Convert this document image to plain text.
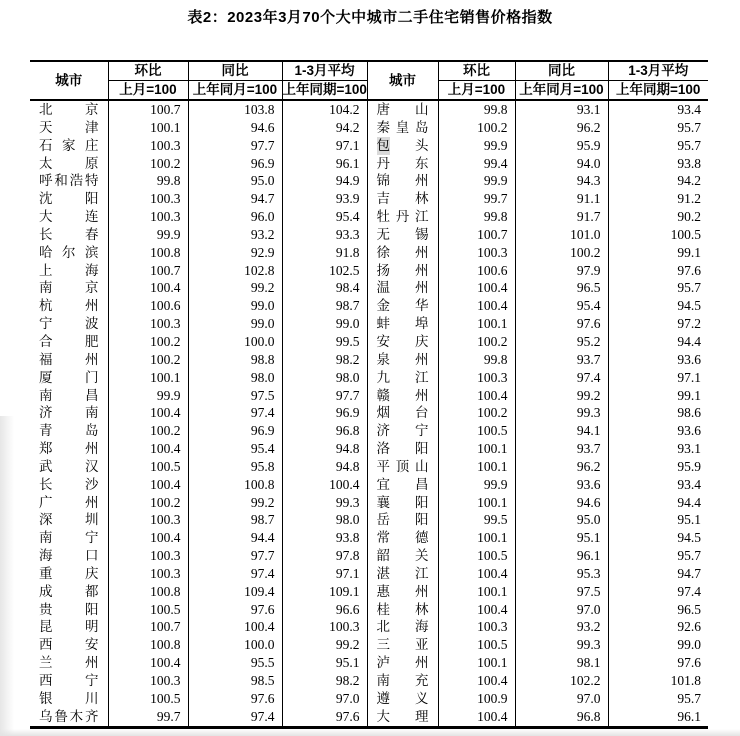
表2：2023年3月70个大中城市二手住宅销售价格指数
城市	环比	同比	1-3月平均	城市	环比	同比	1-3月平均
	上月=100	上年同月=100	上年同期=100		上月=100	上年同月=100	上年同期=100

北 京	100.7	103.8	104.2	唐 山	99.8	93.1	93.4

天 津	100.1	94.6	94.2	秦 皇 岛	100.2	96.2	95.7

石 家 庄	100.3	97.7	97.1	包 头	99.9	95.9	95.7

太 原	100.2	96.9	96.1	丹 东	99.4	94.0	93.8

呼 和 浩 特	99.8	95.0	94.9	锦 州	99.9	94.3	94.2

沈 阳	100.3	94.7	93.9	吉 林	99.7	91.1	91.2

大 连	100.3	96.0	95.4	牡 丹 江	99.8	91.7	90.2

长 春	99.9	93.2	93.3	无 锡	100.7	101.0	100.5

哈 尔 滨	100.8	92.9	91.8	徐 州	100.3	100.2	99.1

上 海	100.7	102.8	102.5	扬 州	100.6	97.9	97.6

南 京	100.4	99.2	98.4	温 州	100.4	96.5	95.7

杭 州	100.6	99.0	98.7	金 华	100.4	95.4	94.5

宁 波	100.3	99.0	99.0	蚌 埠	100.1	97.6	97.2

合 肥	100.2	100.0	99.5	安 庆	100.2	95.2	94.4

福 州	100.2	98.8	98.2	泉 州	99.8	93.7	93.6

厦 门	100.1	98.0	98.0	九 江	100.3	97.4	97.1

南 昌	99.9	97.5	97.7	赣 州	100.4	99.2	99.1

济 南	100.4	97.4	96.9	烟 台	100.2	99.3	98.6

青 岛	100.2	96.9	96.8	济 宁	100.5	94.1	93.6

郑 州	100.4	95.4	94.8	洛 阳	100.1	93.7	93.1

武 汉	100.5	95.8	94.8	平 顶 山	100.1	96.2	95.9

长 沙	100.4	100.8	100.4	宜 昌	99.9	93.6	93.4

广 州	100.2	99.2	99.3	襄 阳	100.1	94.6	94.4

深 圳	100.3	98.7	98.0	岳 阳	99.5	95.0	95.1

南 宁	100.4	94.4	93.8	常 德	100.1	95.1	94.5

海 口	100.3	97.7	97.8	韶 关	100.5	96.1	95.7

重 庆	100.3	97.4	97.1	湛 江	100.4	95.3	94.7

成 都	100.8	109.4	109.1	惠 州	100.1	97.5	97.4

贵 阳	100.5	97.6	96.6	桂 林	100.4	97.0	96.5

昆 明	100.7	100.4	100.3	北 海	100.3	93.2	92.6

西 安	100.8	100.0	99.2	三 亚	100.5	99.3	99.0

兰 州	100.4	95.5	95.1	泸 州	100.1	98.1	97.6

西 宁	100.3	98.5	98.2	南 充	100.4	102.2	101.8

银 川	100.5	97.6	97.0	遵 义	100.9	97.0	95.7

乌 鲁 木 齐	99.7	97.4	97.6	大 理	100.4	96.8	96.1
